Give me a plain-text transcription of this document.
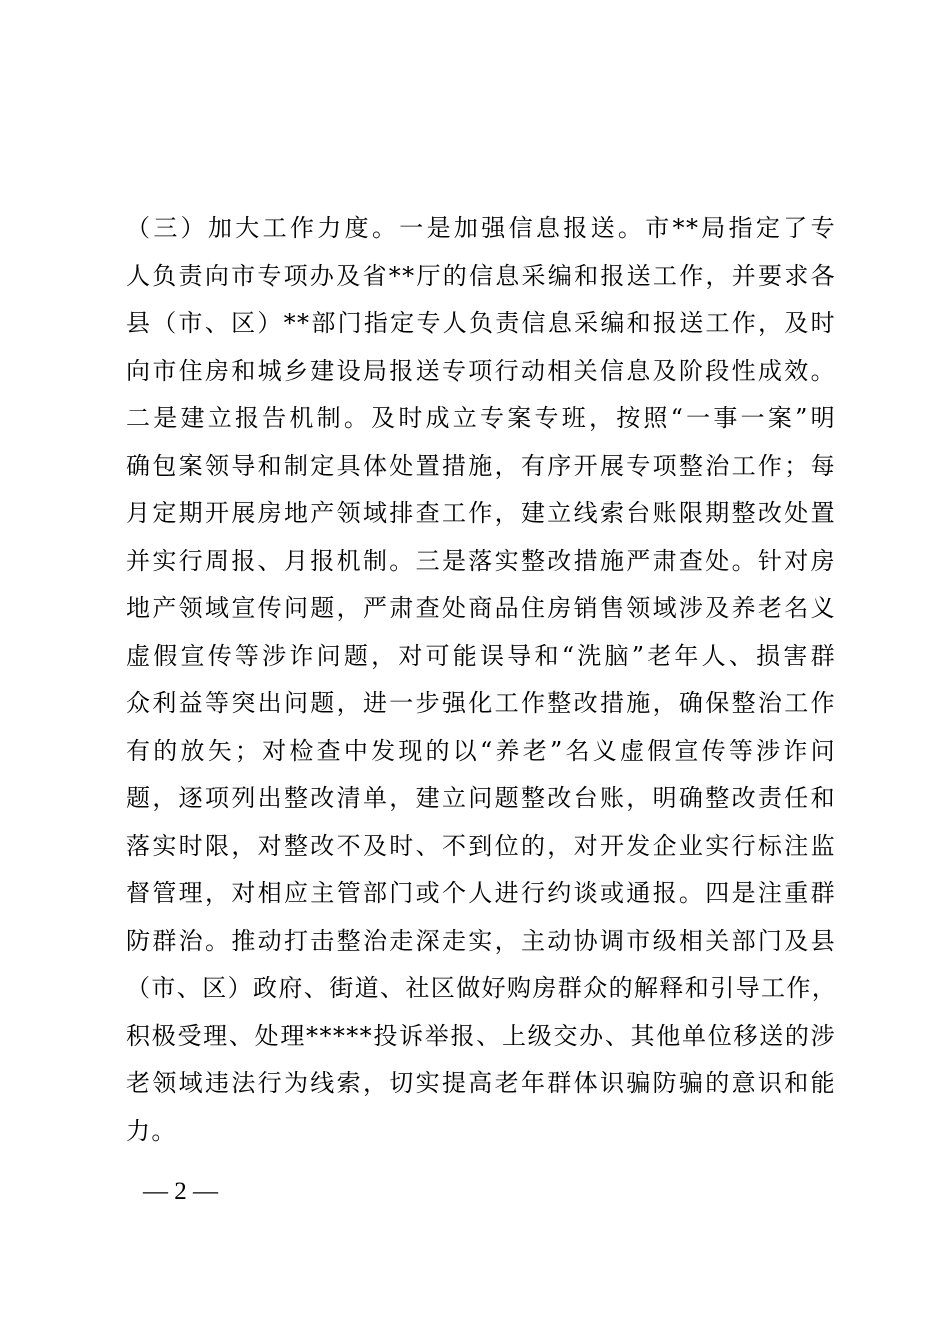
（三）加大工作力度。一是加强信息报送。市**局指定了专
人负责向市专项办及省**厅的信息采编和报送工作，并要求各
县（市、区）**部门指定专人负责信息采编和报送工作，及时
向市住房和城乡建设局报送专项行动相关信息及阶段性成效。
二是建立报告机制。及时成立专案专班，按照“一事一案”明
确包案领导和制定具体处置措施，有序开展专项整治工作；每
月定期开展房地产领域排查工作，建立线索台账限期整改处置
并实行周报、月报机制。三是落实整改措施严肃查处。针对房
地产领域宣传问题，严肃查处商品住房销售领域涉及养老名义
虚假宣传等涉诈问题，对可能误导和“洗脑”老年人、损害群
众利益等突出问题，进一步强化工作整改措施，确保整治工作
有的放矢；对检查中发现的以“养老”名义虚假宣传等涉诈问
题，逐项列出整改清单，建立问题整改台账，明确整改责任和
落实时限，对整改不及时、不到位的，对开发企业实行标注监
督管理，对相应主管部门或个人进行约谈或通报。四是注重群
防群治。推动打击整治走深走实，主动协调市级相关部门及县
（市、区）政府、街道、社区做好购房群众的解释和引导工作，
积极受理、处理*****投诉举报、上级交办、其他单位移送的涉
老领域违法行为线索，切实提高老年群体识骗防骗的意识和能
力。
— 2 —
